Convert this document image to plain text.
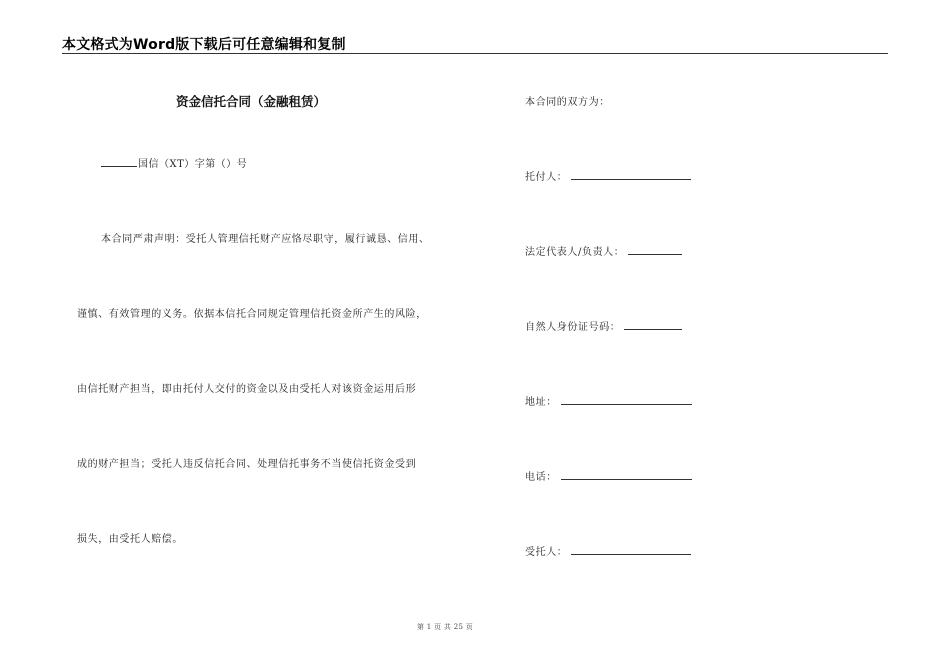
本文格式为Word版下载后可任意编辑和复制
资金信托合同（金融租赁）
国信（XT）字第（）号
本合同严肃声明：受托人管理信托财产应恪尽职守，履行诚恳、信用、
谨慎、有效管理的义务。依据本信托合同规定管理信托资金所产生的风险，
由信托财产担当，即由托付人交付的资金以及由受托人对该资金运用后形
成的财产担当；受托人违反信托合同、处理信托事务不当使信托资金受到
损失，由受托人赔偿。
本合同的双方为：
托付人：
法定代表人/负责人：
自然人身份证号码：
地址：
电话：
受托人：
第 1 页 共 25 页
